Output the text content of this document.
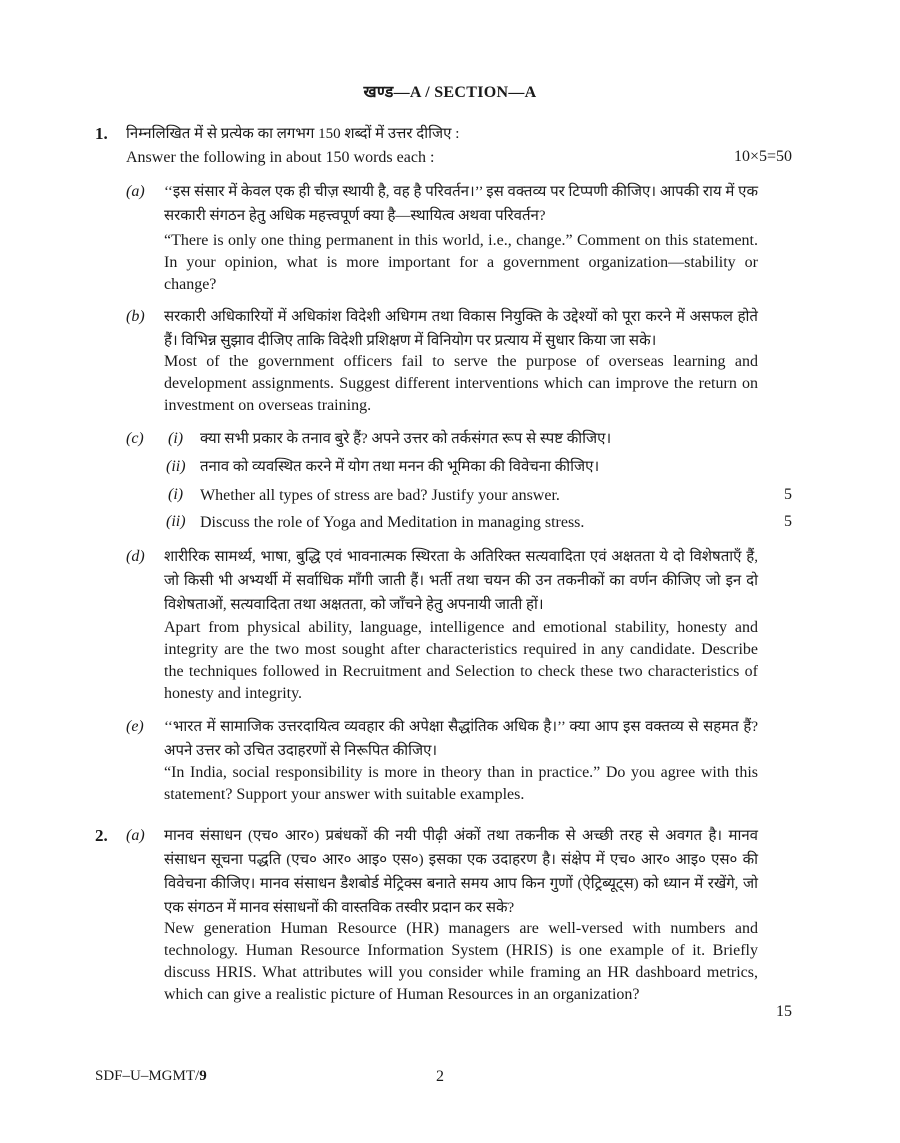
खण्ड—A / SECTION—A
1. निम्नलिखित में से प्रत्येक का लगभग 150 शब्दों में उत्तर दीजिए :
Answer the following in about 150 words each :	10×5=50
(a) ‘‘इस संसार में केवल एक ही चीज़ स्थायी है, वह है परिवर्तन।’’ इस वक्तव्य पर टिप्पणी कीजिए। आपकी राय में एक सरकारी संगठन हेतु अधिक महत्त्वपूर्ण क्या है—स्थायित्व अथवा परिवर्तन?
“There is only one thing permanent in this world, i.e., change.” Comment on this statement. In your opinion, what is more important for a government organization—stability or change?
(b) सरकारी अधिकारियों में अधिकांश विदेशी अधिगम तथा विकास नियुक्ति के उद्देश्यों को पूरा करने में असफल होते हैं। विभिन्न सुझाव दीजिए ताकि विदेशी प्रशिक्षण में विनियोग पर प्रत्याय में सुधार किया जा सके।
Most of the government officers fail to serve the purpose of overseas learning and development assignments. Suggest different interventions which can improve the return on investment on overseas training.
(c) (i) क्या सभी प्रकार के तनाव बुरे हैं? अपने उत्तर को तर्कसंगत रूप से स्पष्ट कीजिए।
(ii) तनाव को व्यवस्थित करने में योग तथा मनन की भूमिका की विवेचना कीजिए।
(i) Whether all types of stress are bad? Justify your answer.	5
(ii) Discuss the role of Yoga and Meditation in managing stress.	5
(d) शारीरिक सामर्थ्य, भाषा, बुद्धि एवं भावनात्मक स्थिरता के अतिरिक्त सत्यवादिता एवं अक्षतता ये दो विशेषताएँ हैं, जो किसी भी अभ्यर्थी में सर्वाधिक माँगी जाती हैं। भर्ती तथा चयन की उन तकनीकों का वर्णन कीजिए जो इन दो विशेषताओं, सत्यवादिता तथा अक्षतता, को जाँचने हेतु अपनायी जाती हों।
Apart from physical ability, language, intelligence and emotional stability, honesty and integrity are the two most sought after characteristics required in any candidate. Describe the techniques followed in Recruitment and Selection to check these two characteristics of honesty and integrity.
(e) ‘‘भारत में सामाजिक उत्तरदायित्व व्यवहार की अपेक्षा सैद्धांतिक अधिक है।’’ क्या आप इस वक्तव्य से सहमत हैं? अपने उत्तर को उचित उदाहरणों से निरूपित कीजिए।
“In India, social responsibility is more in theory than in practice.” Do you agree with this statement? Support your answer with suitable examples.
2. (a) मानव संसाधन (एच० आर०) प्रबंधकों की नयी पीढ़ी अंकों तथा तकनीक से अच्छी तरह से अवगत है। मानव संसाधन सूचना पद्धति (एच० आर० आइ० एस०) इसका एक उदाहरण है। संक्षेप में एच० आर० आइ० एस० की विवेचना कीजिए। मानव संसाधन डैशबोर्ड मेट्रिक्स बनाते समय आप किन गुणों (ऐट्रिब्यूट्स) को ध्यान में रखेंगे, जो एक संगठन में मानव संसाधनों की वास्तविक तस्वीर प्रदान कर सके?
New generation Human Resource (HR) managers are well-versed with numbers and technology. Human Resource Information System (HRIS) is one example of it. Briefly discuss HRIS. What attributes will you consider while framing an HR dashboard metrics, which can give a realistic picture of Human Resources in an organization?
15
SDF–U–MGMT/9	2
